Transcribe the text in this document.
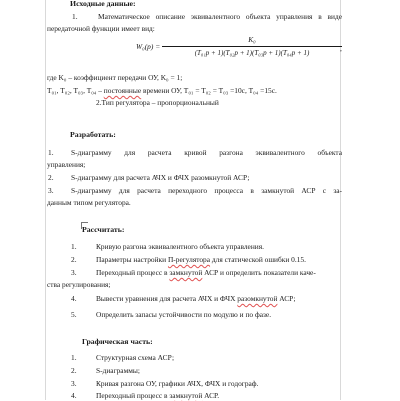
Исходные данные:
1.	Математическое описание эквивалентного объекта управления в виде
передаточной функции имеет вид:
W₀(p) =
K₀
(T₀₁p + 1)(T₀₂p + 1)(T₀₃p + 1)(T₀₄p + 1)	,
где K₀ – коэффициент передачи ОУ, K₀ = 1;
T₀₁, T₀₂, T₀₃, T₀₄ – постоянные времени ОУ, T₀₁ = T₀₂ = T₀₃ =10с, T₀₄ =15с.
2.Тип регулятора – пропорциональный
Разработать:
1. S-диаграмму для расчета кривой разгона эквивалентного объекта
управления;
2. S-диаграмму для расчета АЧХ и ФЧХ разомкнутой АСР;
3. S-диаграмму для расчета переходного процесса в замкнутой АСР с за-
данным типом регулятора.
Рассчитать:
1.	Кривую разгона эквивалентного объекта управления.
2.	Параметры настройки П-регулятора для статической ошибки 0.15.
3.	Переходный процесс в замкнутой АСР и определить показатели каче-
ства регулирования;
4.	Вывести уравнения для расчета АЧХ и ФЧХ разомкнутой АСР;
5.	Определить запасы устойчивости по модулю и по фазе.
Графическая часть:
1.	Структурная схема АСР;
2.	S-диаграммы;
3.	Кривая разгона ОУ, графики АЧХ, ФЧХ и годограф.
4.	Переходный процесс в замкнутой АСР.
